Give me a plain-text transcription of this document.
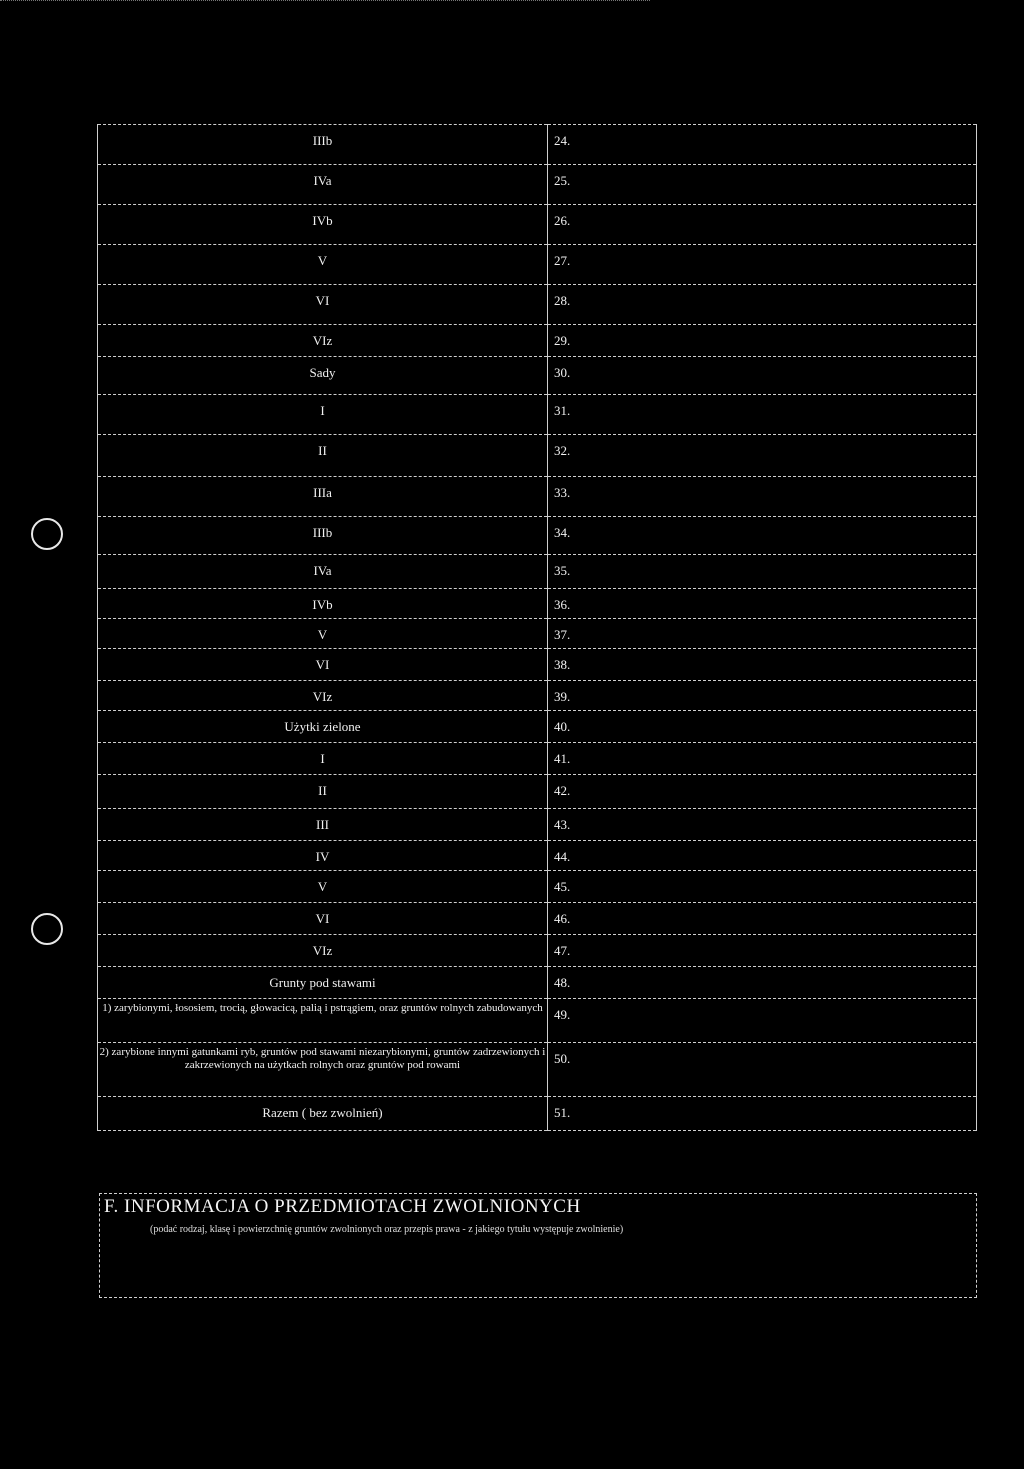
IIIb	24.

IVa	25.

IVb	26.

V	27.

VI	28.

VIz	29.

Sady	30.

I	31.

II	32.

IIIa	33.

IIIb	34.

IVa	35.

IVb	36.

V	37.

VI	38.

VIz	39.

Użytki zielone	40.

I	41.

II	42.

III	43.

IV	44.

V	45.

VI	46.

VIz	47.

Grunty pod stawami	48.

1) zarybionymi, łososiem, trocią, głowacicą, palią i pstrągiem, oraz gruntów rolnych zabudowanych	49.

2) zarybione innymi gatunkami ryb, gruntów pod stawami niezarybionymi, gruntów zadrzewionych i zakrzewionych na użytkach rolnych oraz gruntów pod rowami	50.

Razem ( bez zwolnień)	51.
F. INFORMACJA O PRZEDMIOTACH ZWOLNIONYCH
(podać rodzaj, klasę i powierzchnię gruntów zwolnionych oraz przepis prawa - z jakiego tytułu występuje zwolnienie)
